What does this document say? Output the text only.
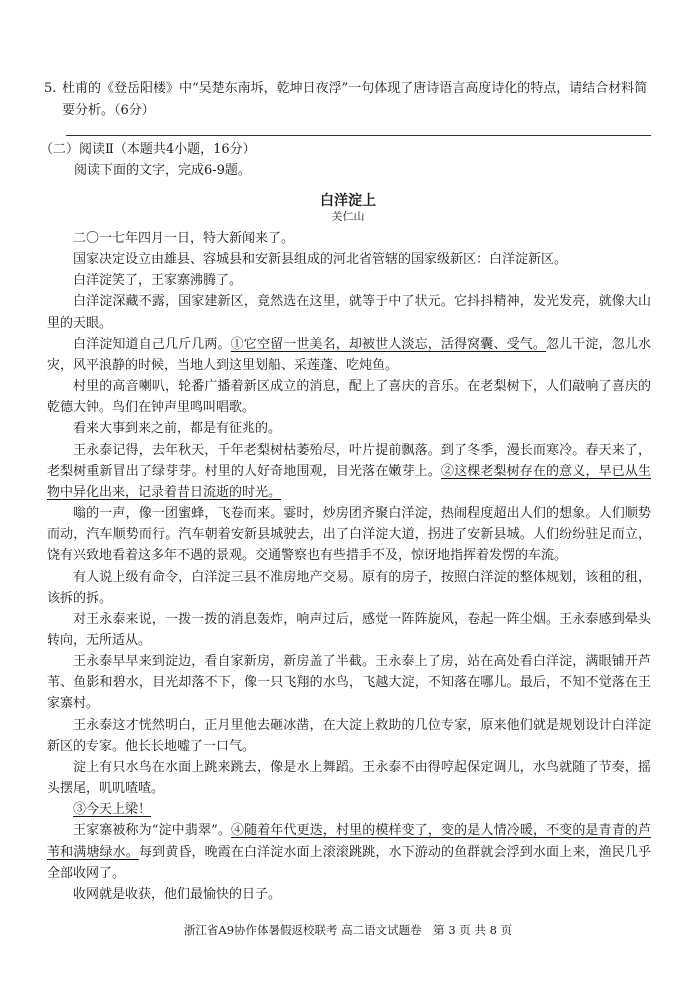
5. 杜甫的《登岳阳楼》中“吴楚东南坼，乾坤日夜浮”一句体现了唐诗语言高度诗化的特点，请结合材料简要分析。（6分）
（二）阅读Ⅱ（本题共4小题，16分）
阅读下面的文字，完成6-9题。
白洋淀上
关仁山

二〇一七年四月一日，特大新闻来了。

国家决定设立由雄县、容城县和安新县组成的河北省管辖的国家级新区：白洋淀新区。

白洋淀笑了，王家寨沸腾了。

白洋淀深藏不露，国家建新区，竟然选在这里，就等于中了状元。它抖抖精神，发光发亮，就像大山里的天眼。

白洋淀知道自己几斤几两。①它空留一世美名，却被世人淡忘，活得窝囊、受气。忽儿干淀，忽儿水灾，风平浪静的时候，当地人到这里划船、采莲蓬、吃炖鱼。

村里的高音喇叭，轮番广播着新区成立的消息，配上了喜庆的音乐。在老梨树下，人们敲响了喜庆的乾德大钟。鸟们在钟声里鸣叫唱歌。

看来大事到来之前，都是有征兆的。

王永泰记得，去年秋天，千年老梨树枯萎殆尽，叶片提前飘落。到了冬季，漫长而寒冷。春天来了，老梨树重新冒出了绿芽芽。村里的人好奇地围观，目光落在嫩芽上。②这棵老梨树存在的意义，早已从生物中异化出来，记录着昔日流逝的时光。

嗡的一声，像一团蜜蜂，飞卷而来。霎时，炒房团齐聚白洋淀，热闹程度超出人们的想象。人们顺势而动，汽车顺势而行。汽车朝着安新县城驶去，出了白洋淀大道，拐进了安新县城。人们纷纷驻足而立，饶有兴致地看着这多年不遇的景观。交通警察也有些措手不及，惊讶地指挥着发愣的车流。

有人说上级有命令，白洋淀三县不准房地产交易。原有的房子，按照白洋淀的整体规划，该租的租，该拆的拆。

对王永泰来说，一拨一拨的消息轰炸，响声过后，感觉一阵阵旋风，卷起一阵尘烟。王永泰感到晕头转向，无所适从。

王永泰早早来到淀边，看自家新房，新房盖了半截。王永泰上了房，站在高处看白洋淀，满眼铺开芦苇、鱼影和碧水，目光却落不下，像一只飞翔的水鸟，飞越大淀，不知落在哪儿。最后，不知不觉落在王家寨村。

王永泰这才恍然明白，正月里他去砸冰凿，在大淀上救助的几位专家，原来他们就是规划设计白洋淀新区的专家。他长长地嘘了一口气。

淀上有只水鸟在水面上跳来跳去，像是水上舞蹈。王永泰不由得哼起保定调儿，水鸟就随了节奏，摇头摆尾，叽叽喳喳。

③今天上梁！

王家寨被称为“淀中翡翠”。④随着年代更迭，村里的模样变了，变的是人情冷暖，不变的是青青的芦苇和满塘绿水。每到黄昏，晚霞在白洋淀水面上滚滚跳跳，水下游动的鱼群就会浮到水面上来，渔民几乎全部收网了。

收网就是收获，他们最愉快的日子。

浙江省A9协作体暑假返校联考 高二语文试题卷　第 3 页 共 8 页
